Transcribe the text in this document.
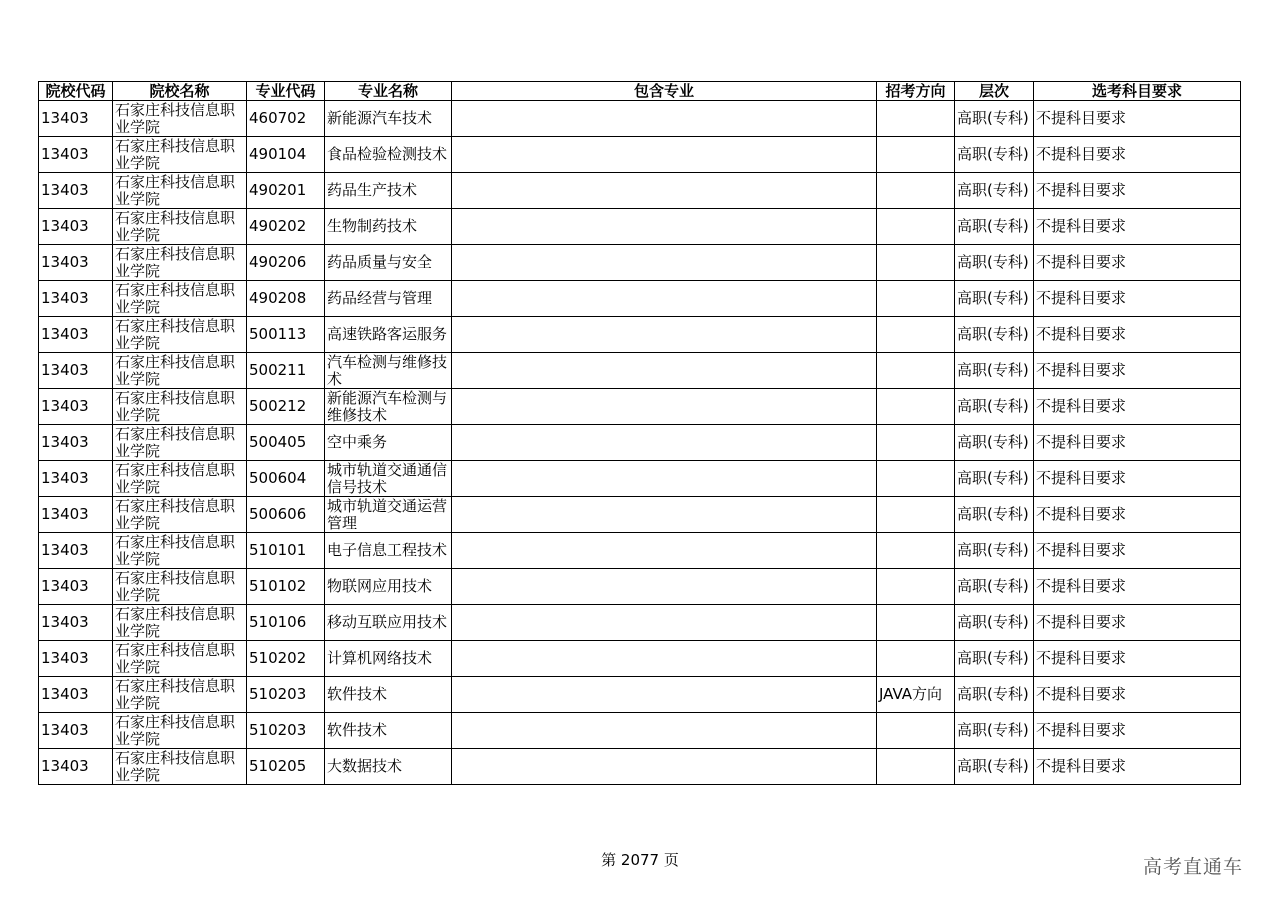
院校代码	院校名称	专业代码	专业名称	包含专业	招考方向	层次	选考科目要求
13403	石家庄科技信息职业学院	460702	新能源汽车技术			高职(专科)	不提科目要求
13403	石家庄科技信息职业学院	490104	食品检验检测技术			高职(专科)	不提科目要求
13403	石家庄科技信息职业学院	490201	药品生产技术			高职(专科)	不提科目要求
13403	石家庄科技信息职业学院	490202	生物制药技术			高职(专科)	不提科目要求
13403	石家庄科技信息职业学院	490206	药品质量与安全			高职(专科)	不提科目要求
13403	石家庄科技信息职业学院	490208	药品经营与管理			高职(专科)	不提科目要求
13403	石家庄科技信息职业学院	500113	高速铁路客运服务			高职(专科)	不提科目要求
13403	石家庄科技信息职业学院	500211	汽车检测与维修技术			高职(专科)	不提科目要求
13403	石家庄科技信息职业学院	500212	新能源汽车检测与维修技术			高职(专科)	不提科目要求
13403	石家庄科技信息职业学院	500405	空中乘务			高职(专科)	不提科目要求
13403	石家庄科技信息职业学院	500604	城市轨道交通通信信号技术			高职(专科)	不提科目要求
13403	石家庄科技信息职业学院	500606	城市轨道交通运营管理			高职(专科)	不提科目要求
13403	石家庄科技信息职业学院	510101	电子信息工程技术			高职(专科)	不提科目要求
13403	石家庄科技信息职业学院	510102	物联网应用技术			高职(专科)	不提科目要求
13403	石家庄科技信息职业学院	510106	移动互联应用技术			高职(专科)	不提科目要求
13403	石家庄科技信息职业学院	510202	计算机网络技术			高职(专科)	不提科目要求
13403	石家庄科技信息职业学院	510203	软件技术		JAVA方向	高职(专科)	不提科目要求
13403	石家庄科技信息职业学院	510203	软件技术			高职(专科)	不提科目要求
13403	石家庄科技信息职业学院	510205	大数据技术			高职(专科)	不提科目要求
第 2077 页	高考直通车
